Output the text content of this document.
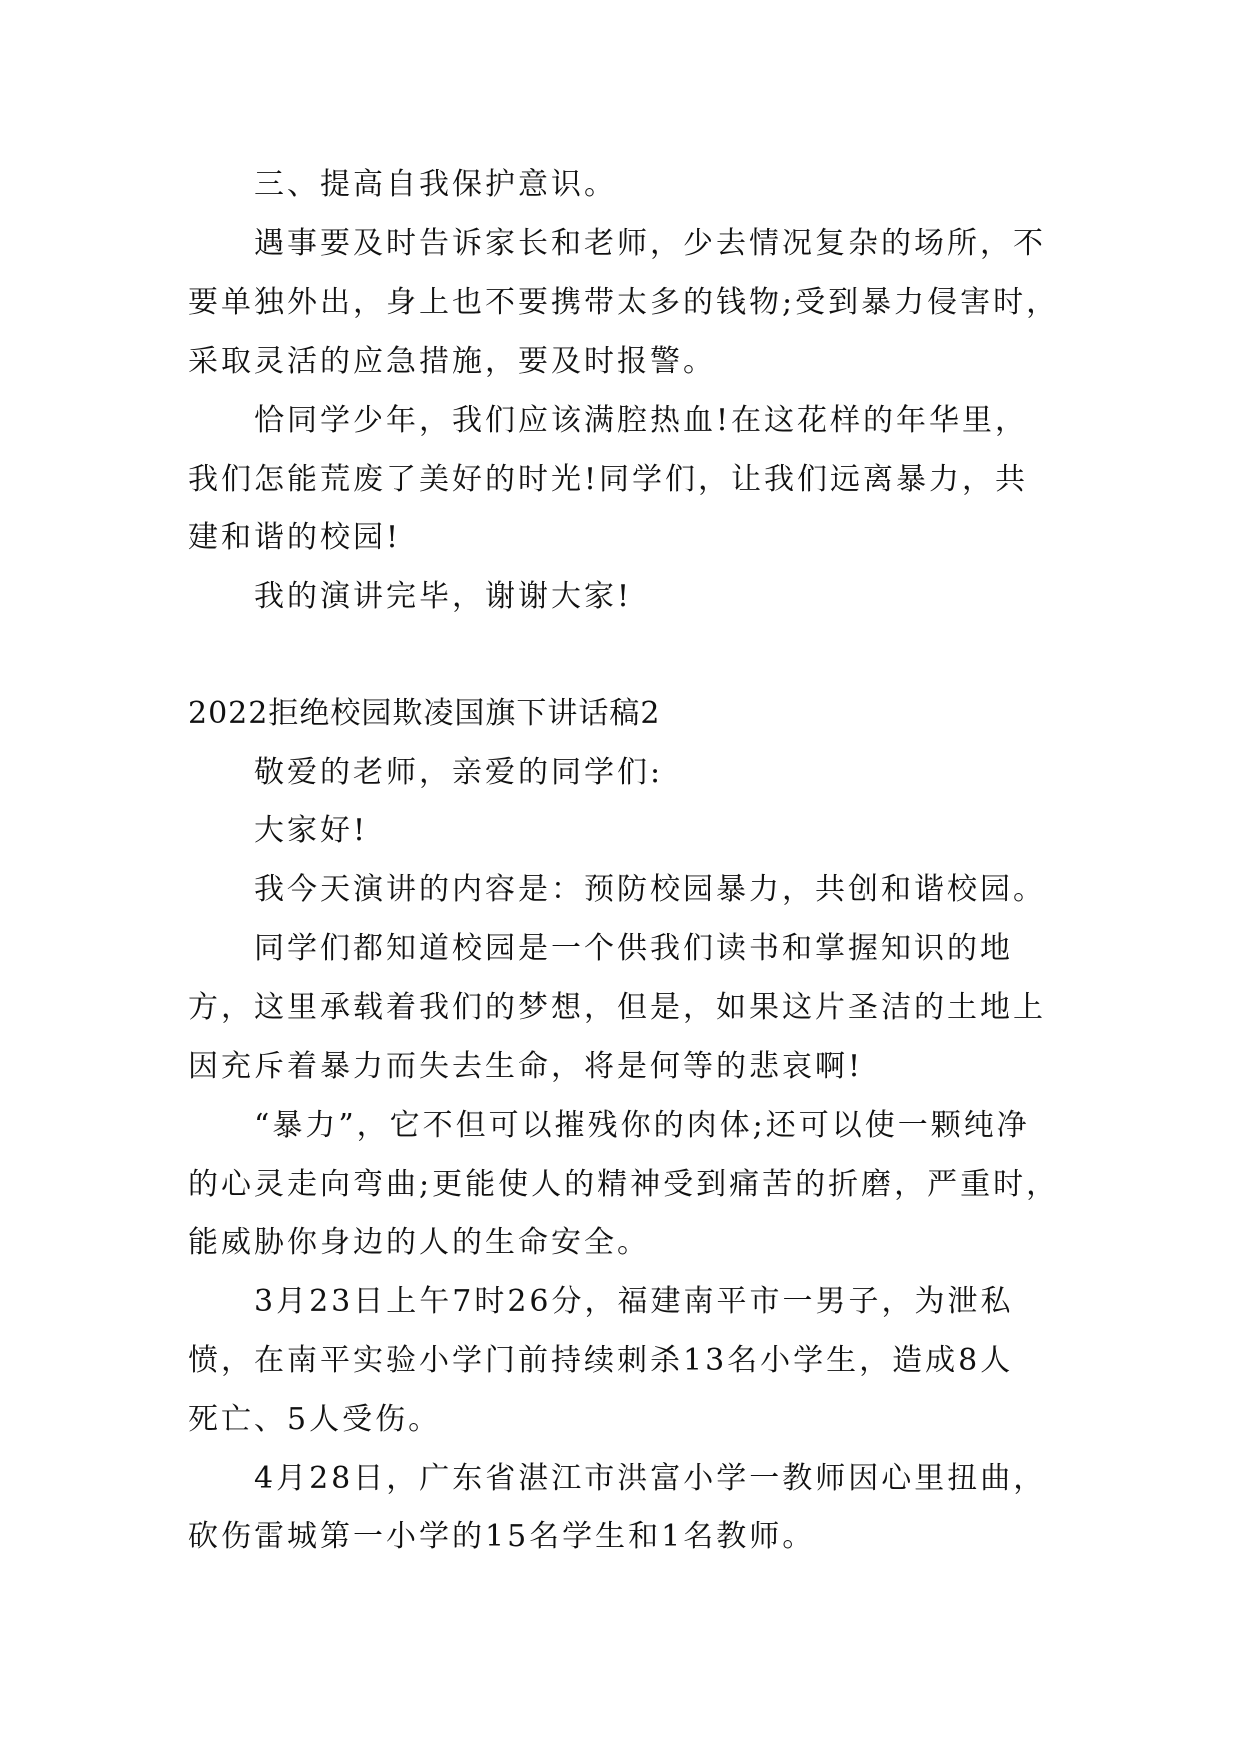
三、提高自我保护意识。
遇事要及时告诉家长和老师，少去情况复杂的场所，不
要单独外出，身上也不要携带太多的钱物;受到暴力侵害时，
采取灵活的应急措施，要及时报警。
恰同学少年，我们应该满腔热血!在这花样的年华里，
我们怎能荒废了美好的时光!同学们，让我们远离暴力，共
建和谐的校园!
我的演讲完毕，谢谢大家!
2022拒绝校园欺凌国旗下讲话稿2
敬爱的老师，亲爱的同学们:
大家好!
我今天演讲的内容是：预防校园暴力，共创和谐校园。
同学们都知道校园是一个供我们读书和掌握知识的地
方，这里承载着我们的梦想，但是，如果这片圣洁的土地上
因充斥着暴力而失去生命，将是何等的悲哀啊!
“暴力”，它不但可以摧残你的肉体;还可以使一颗纯净
的心灵走向弯曲;更能使人的精神受到痛苦的折磨，严重时，
能威胁你身边的人的生命安全。
3月23日上午7时26分，福建南平市一男子，为泄私
愤，在南平实验小学门前持续刺杀13名小学生，造成8人
死亡、5人受伤。
4月28日，广东省湛江市洪富小学一教师因心里扭曲，
砍伤雷城第一小学的15名学生和1名教师。
